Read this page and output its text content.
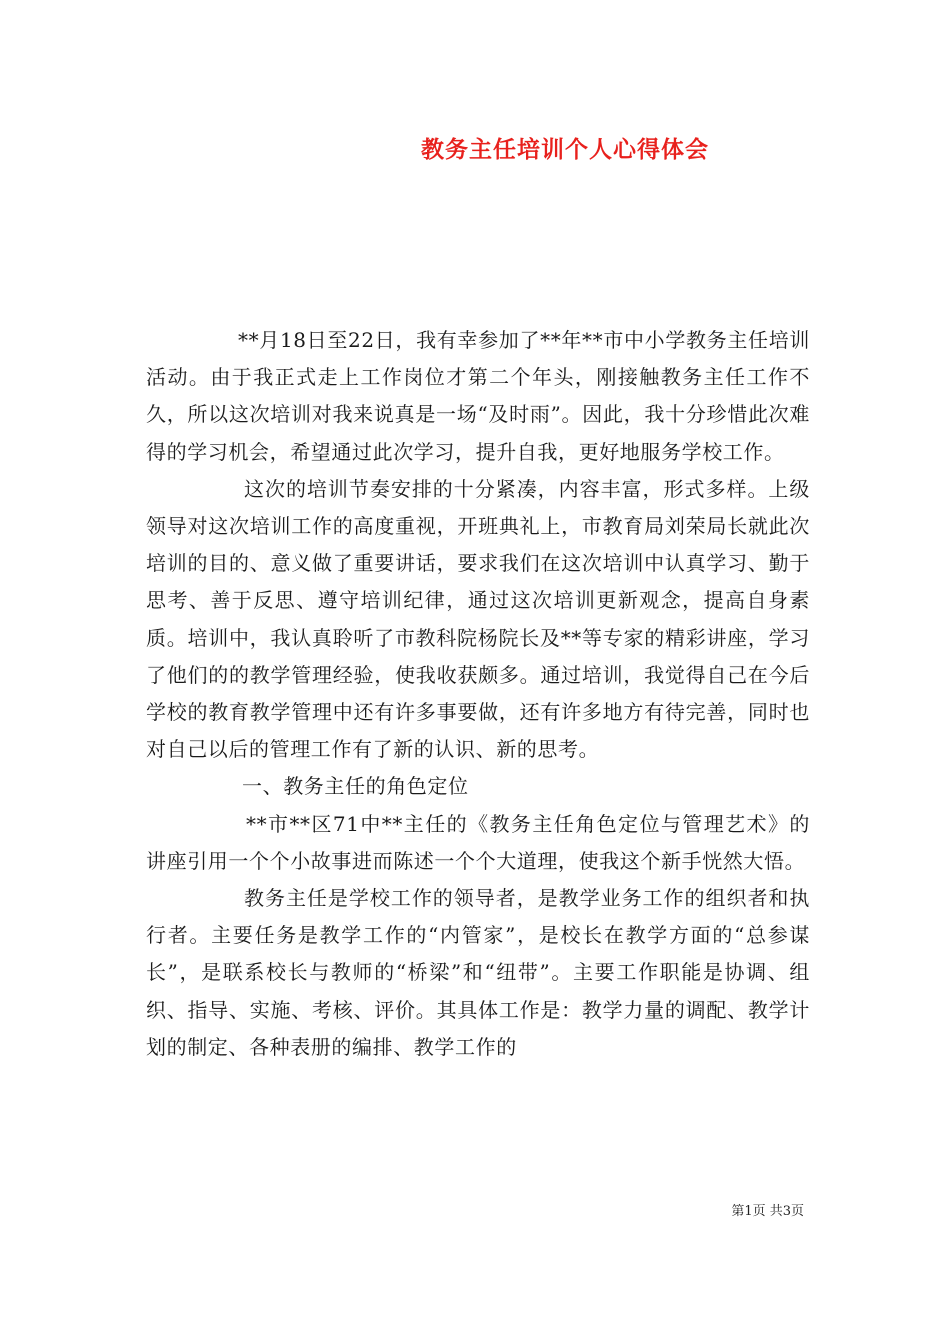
教务主任培训个人心得体会

**月18日至22日，我有幸参加了**年**市中小学教务主任培训活动。由于我正式走上工作岗位才第二个年头，刚接触教务主任工作不久，所以这次培训对我来说真是一场“及时雨”。因此，我十分珍惜此次难得的学习机会，希望通过此次学习，提升自我，更好地服务学校工作。

这次的培训节奏安排的十分紧凑，内容丰富，形式多样。上级领导对这次培训工作的高度重视，开班典礼上，市教育局刘荣局长就此次培训的目的、意义做了重要讲话，要求我们在这次培训中认真学习、勤于思考、善于反思、遵守培训纪律，通过这次培训更新观念，提高自身素质。培训中，我认真聆听了市教科院杨院长及**等专家的精彩讲座，学习了他们的的教学管理经验，使我收获颇多。通过培训，我觉得自己在今后学校的教育教学管理中还有许多事要做，还有许多地方有待完善，同时也对自己以后的管理工作有了新的认识、新的思考。

一、教务主任的角色定位

**市**区71中**主任的《教务主任角色定位与管理艺术》的讲座引用一个个小故事进而陈述一个个大道理，使我这个新手恍然大悟。

教务主任是学校工作的领导者，是教学业务工作的组织者和执行者。主要任务是教学工作的“内管家”，是校长在教学方面的“总参谋长”，是联系校长与教师的“桥梁”和“纽带”。主要工作职能是协调、组织、指导、实施、考核、评价。其具体工作是：教学力量的调配、教学计划的制定、各种表册的编排、教学工作的

第1页 共3页
